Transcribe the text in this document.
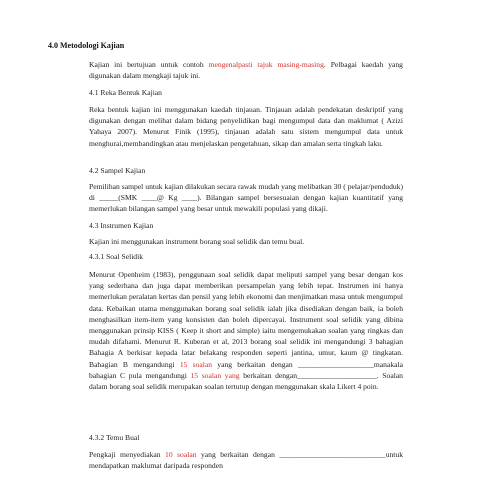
4.0 Metodologi Kajian
Kajian ini bertujuan untuk contoh mengenalpasti tajuk masing-masing. Pelbagai kaedah yang digunakan dalam mengkaji tajuk ini.
4.1 Reka Bentuk Kajian
Reka bentuk kajian ini menggunakan kaedah tinjauan. Tinjauan adalah pendekatan deskriptif yang digunakan dengan melihat dalam bidang penyelidikan bagi mengumpul data dan maklumat ( Azizi Yahaya 2007). Menurut Finik (1995), tinjauan adalah satu sistem mengumpul data untuk menghurai,membandingkan atau menjelaskan pengetahuan, sikap dan amalan serta tingkah laku.
4.2 Sampel Kajian
Pemilihan sampel untuk kajian dilakukan secara rawak mudah yang melibatkan 30 ( pelajar/penduduk) di _____(SMK ____@ Kg ____). Bilangan sampel bersesuaian dengan kajian kuantitatif yang memerlukan bilangan sampel yang besar untuk mewakili populasi yang dikaji.
4.3 Instrumen Kajian
Kajian ini menggunakan instrument borang soal selidik dan temu bual.
4.3.1 Soal Selidik
Menurut Openheim (1983), penggunaan soal selidik dapat meliputi sampel yang besar dengan kos yang sederhana dan juga dapat memberikan persampelan yang lebih tepat. Instrumen ini hanya memerlukan peralatan kertas dan pensil yang lebih ekonomi dan menjimatkan masa untuk mengumpul data. Kebaikan utama menggunakan borang soal selidik ialah jika disediakan dengan baik, ia boleh menghasilkan item-item yang konsisten dan boleh dipercayai. Instrument soal selidik yang dibina menggunakan prinsip KISS ( Keep it short and simple) iaitu mengemukakan soalan yang ringkas dan mudah difahami. Menurut R. Kuberan et al, 2013 borang soal selidik ini mengandungi 3 bahagian Bahagia A berkisar kepada latar belakang responden seperti jantina, umur, kaum @ tingkatan. Bahagian B mengandungi 15 soalan yang berkaitan dengan ____________________manakala bahagian C pula mengandungi 15 soalan yang berkaitan dengan_____________________. Soalan dalam borang soal selidik merupakan soalan tertutup dengan menggunakan skala Likert 4 poin.
4.3.2 Temu Bual
Pengkaji menyediakan 10 soalan yang berkaitan dengan ____________________________untuk mendapatkan maklumat daripada responden
